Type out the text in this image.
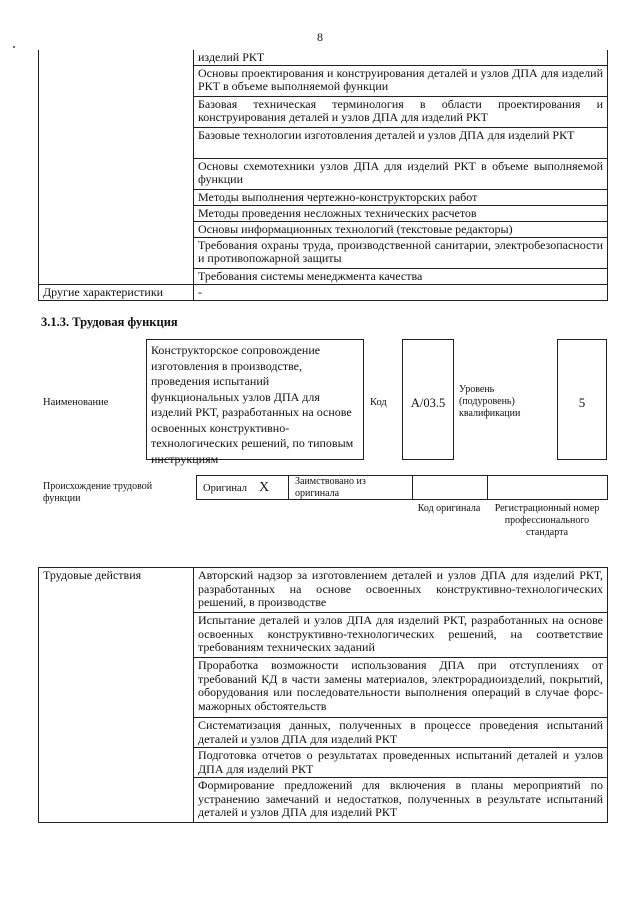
8
	изделий РКТ
	Основы проектирования и конструирования деталей и узлов ДПА для изделий РКТ в объеме выполняемой функции
	Базовая техническая терминология в области проектирования и конструирования деталей и узлов ДПА для изделий РКТ
	Базовые технологии изготовления деталей и узлов ДПА для изделий РКТ
	Основы схемотехники узлов ДПА для изделий РКТ в объеме выполняемой функции
	Методы выполнения чертежно-конструкторских работ
	Методы проведения несложных технических расчетов
	Основы информационных технологий (текстовые редакторы)
	Требования охраны труда, производственной санитарии, электробезопасности и противопожарной защиты
	Требования системы менеджмента качества
Другие характеристики	-
3.1.3. Трудовая функция
Наименование
Конструкторское сопровождение изготовления в производстве, проведения испытаний функциональных узлов ДПА для изделий РКТ, разработанных на основе освоенных конструктивно-технологических решений, по типовым инструкциям
Код	A/03.5
Уровень (подуровень) квалификации
5
Происхождение трудовой функции
Оригинал X	Заимствовано из оригинала
Код оригинала	Регистрационный номер профессионального стандарта
Трудовые действия	Авторский надзор за изготовлением деталей и узлов ДПА для изделий РКТ, разработанных на основе освоенных конструктивно-технологических решений, в производстве
Испытание деталей и узлов ДПА для изделий РКТ, разработанных на основе освоенных конструктивно-технологических решений, на соответствие требованиям технических заданий
Проработка возможности использования ДПА при отступлениях от требований КД в части замены материалов, электрорадиоизделий, покрытий, оборудования или последовательности выполнения операций в случае форс-мажорных обстоятельств
Систематизация данных, полученных в процессе проведения испытаний деталей и узлов ДПА для изделий РКТ
Подготовка отчетов о результатах проведенных испытаний деталей и узлов ДПА для изделий РКТ
Формирование предложений для включения в планы мероприятий по устранению замечаний и недостатков, полученных в результате испытаний деталей и узлов ДПА для изделий РКТ
